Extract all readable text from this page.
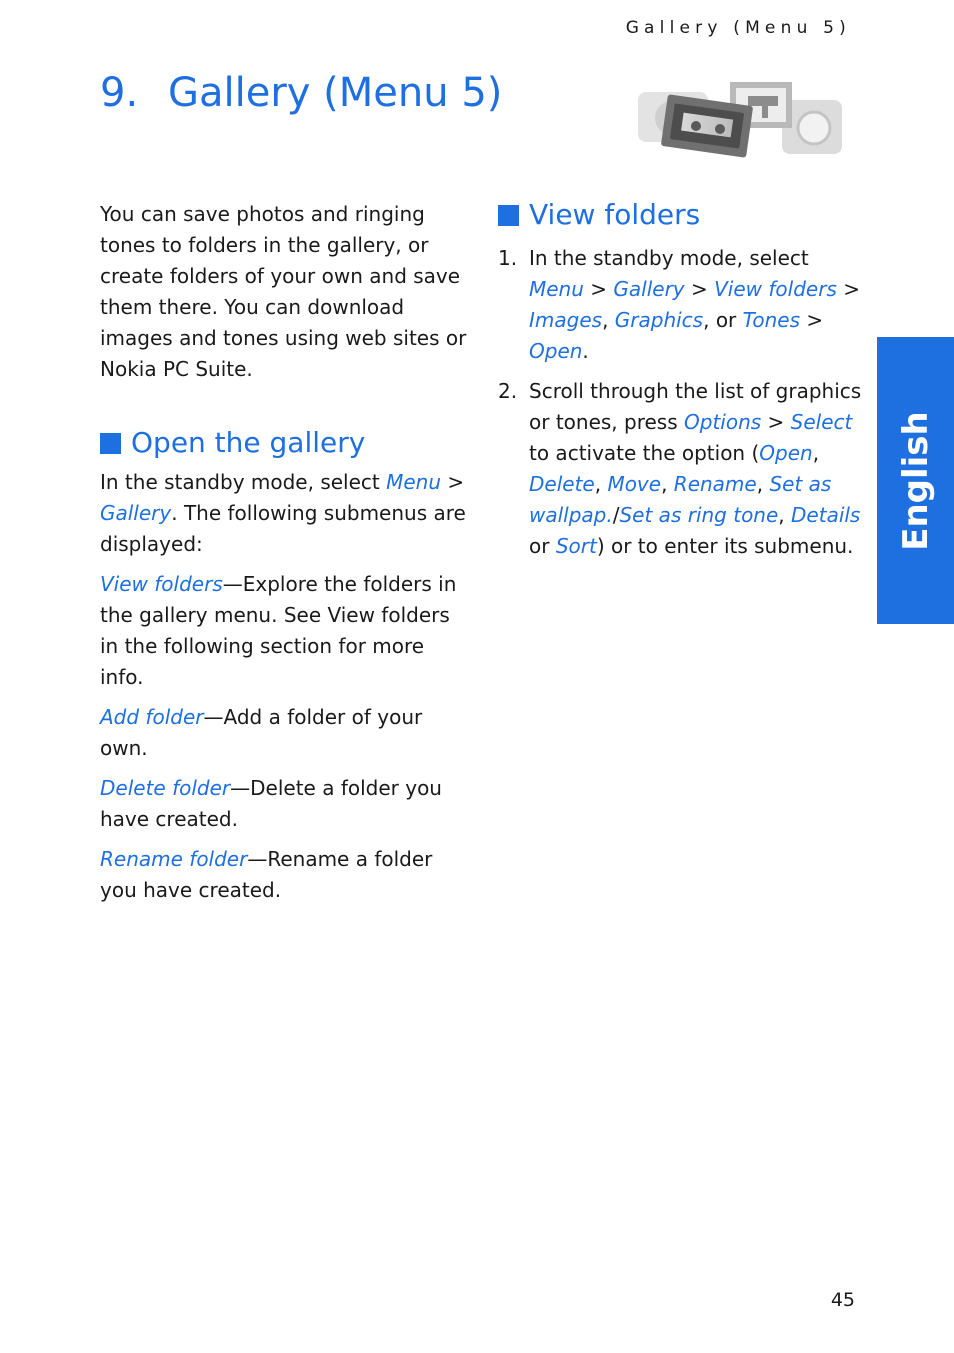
Gallery (Menu 5)
9. Gallery (Menu 5)

You can save photos and ringing tones to folders in the gallery, or create folders of your own and save them there. You can download images and tones using web sites or Nokia PC Suite.

Open the gallery

In the standby mode, select Menu > Gallery. The following submenus are displayed:

View folders—Explore the folders in the gallery menu. See View folders in the following section for more info.

Add folder—Add a folder of your own.

Delete folder—Delete a folder you have created.

Rename folder—Rename a folder you have created.

View folders
1. In the standby mode, select Menu > Gallery > View folders > Images, Graphics, or Tones > Open.
2. Scroll through the list of graphics or tones, press Options > Select to activate the option (Open, Delete, Move, Rename, Set as wallpap./Set as ring tone, Details or Sort) or to enter its submenu. English
45
